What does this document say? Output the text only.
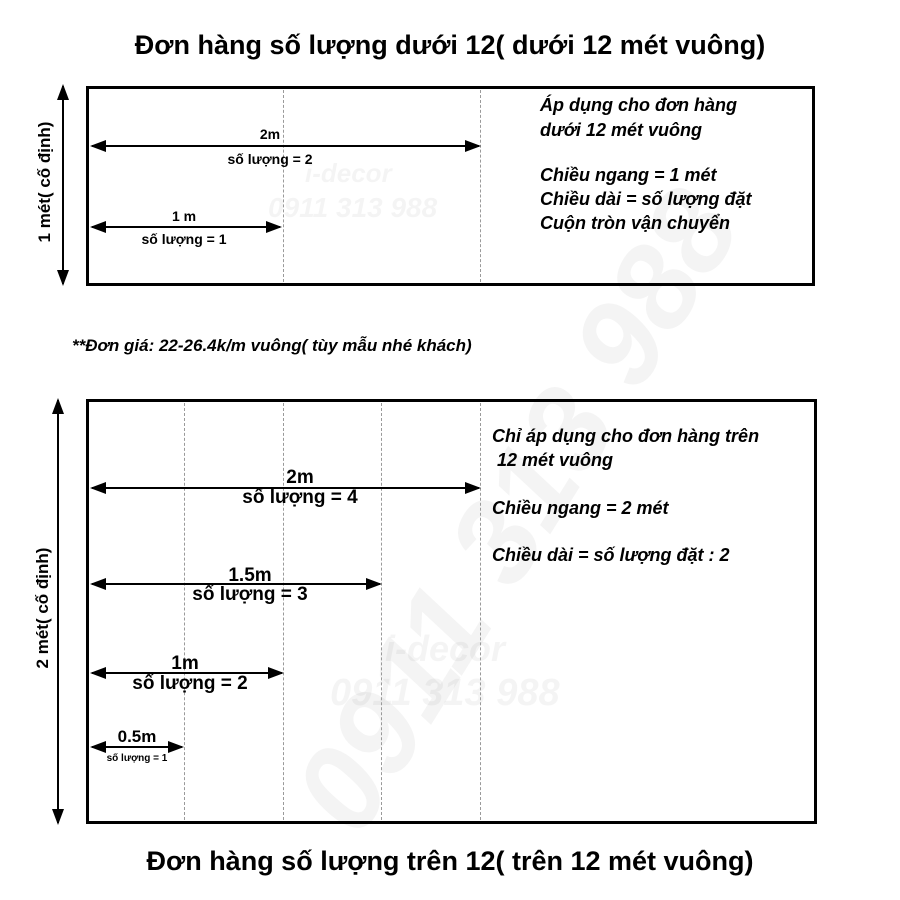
Đơn hàng số lượng dưới 12( dưới 12 mét vuông)
1 mét( cố định)	2m
số lượng = 2
1 m
số lượng = 1
Áp dụng cho đơn hàng
dưới 12 mét vuông
Chiều ngang = 1 mét
Chiều dài = số lượng đặt
Cuộn tròn vận chuyển
**Đơn giá: 22-26.4k/m vuông( tùy mẫu nhé khách)
2 mét( cố định)
2m
số lượng = 4
1.5m
số lượng = 3
1m
số lượng = 2
0.5m
số lượng = 1
Chỉ áp dụng cho đơn hàng trên
12 mét vuông
Chiều ngang = 2 mét
Chiều dài = số lượng đặt : 2
Đơn hàng số lượng trên 12( trên 12 mét vuông)
